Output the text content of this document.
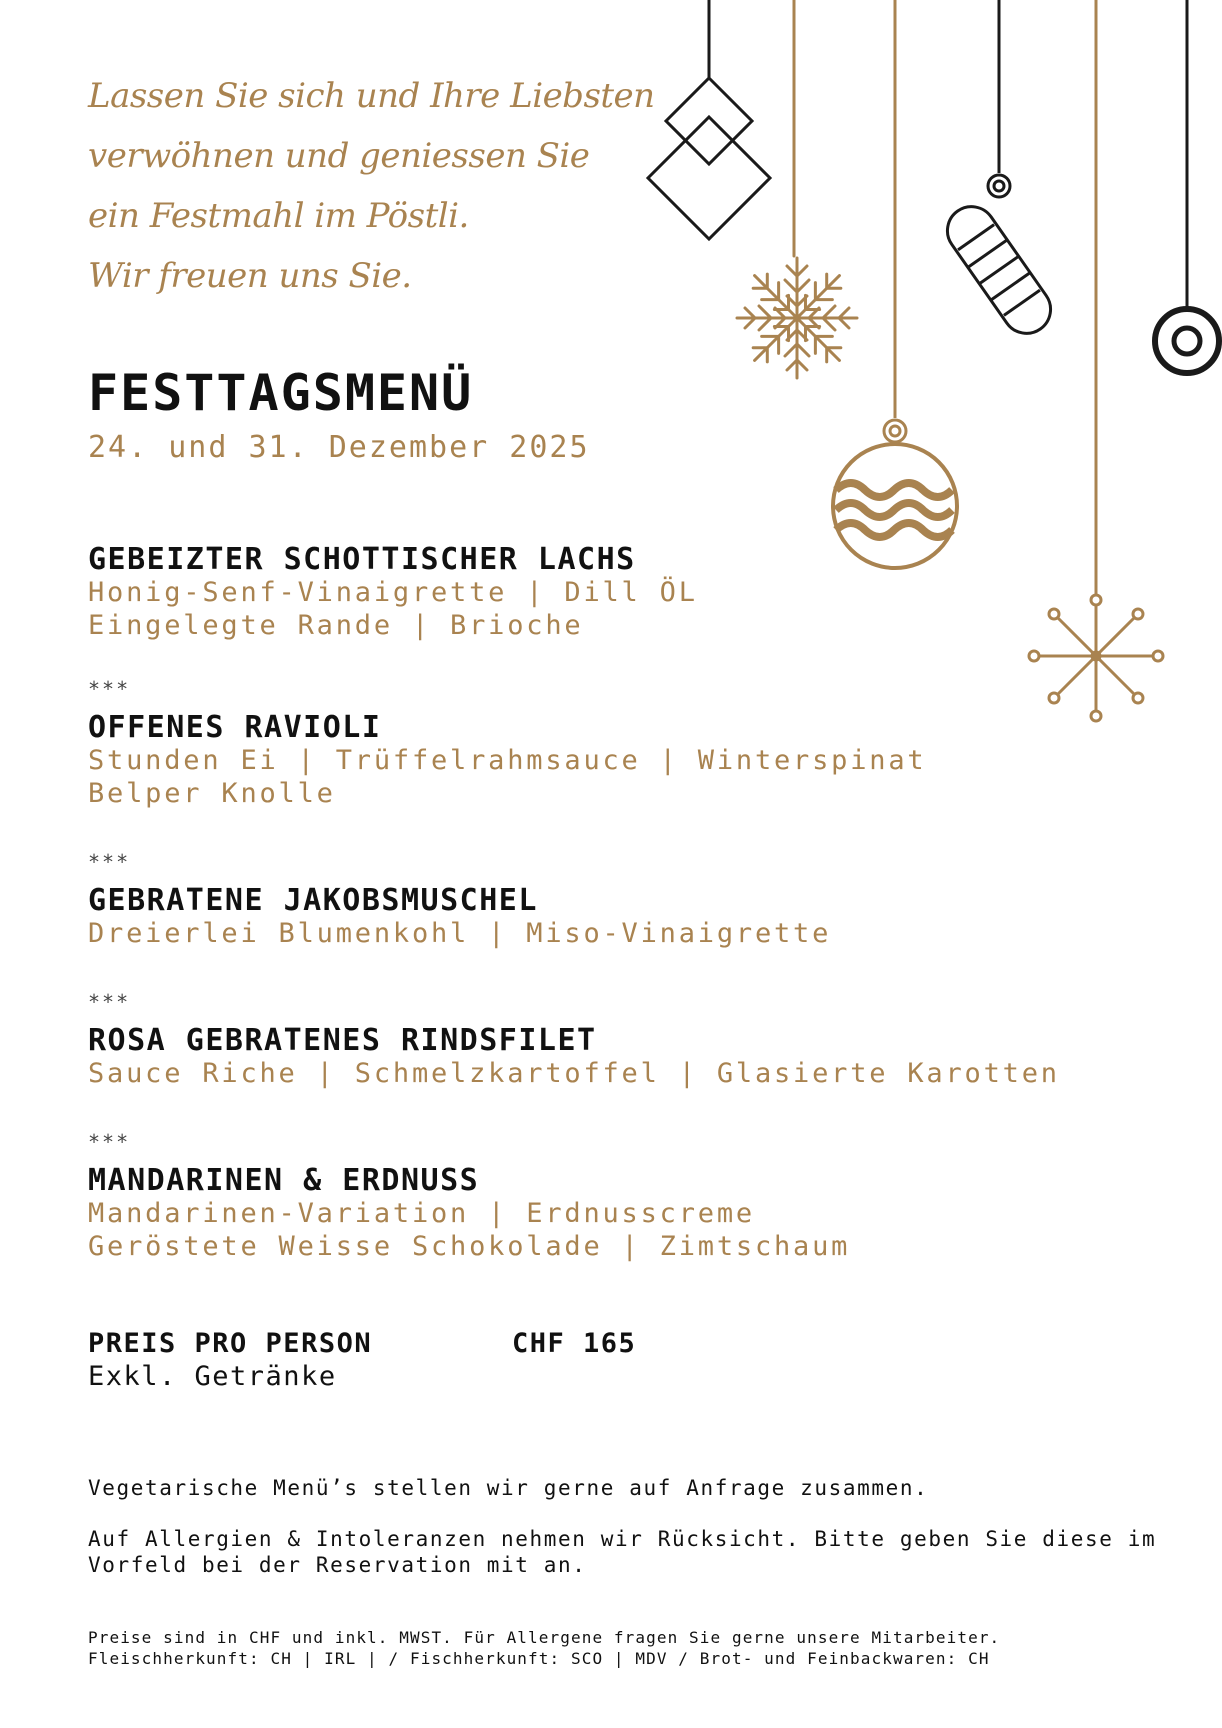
Lassen Sie sich und Ihre Liebsten
verwöhnen und geniessen Sie
ein Festmahl im Pöstli.
Wir freuen uns Sie.
FESTTAGSMENÜ
24. und 31. Dezember 2025
GEBEIZTER SCHOTTISCHER LACHS
Honig-Senf-Vinaigrette | Dill ÖL
Eingelegte Rande | Brioche
***
OFFENES RAVIOLI
Stunden Ei | Trüffelrahmsauce | Winterspinat
Belper Knolle
***
GEBRATENE JAKOBSMUSCHEL
Dreierlei Blumenkohl | Miso-Vinaigrette
***
ROSA GEBRATENES RINDSFILET
Sauce Riche | Schmelzkartoffel | Glasierte Karotten
***
MANDARINEN & ERDNUSS
Mandarinen-Variation | Erdnusscreme
Geröstete Weisse Schokolade | Zimtschaum
PREIS PRO PERSON	CHF 165
Exkl. Getränke
Vegetarische Menü’s stellen wir gerne auf Anfrage zusammen.
Auf Allergien & Intoleranzen nehmen wir Rücksicht. Bitte geben Sie diese im
Vorfeld bei der Reservation mit an.
Preise sind in CHF und inkl. MWST. Für Allergene fragen Sie gerne unsere Mitarbeiter.
Fleischherkunft: CH | IRL | / Fischherkunft: SCO | MDV / Brot- und Feinbackwaren: CH
